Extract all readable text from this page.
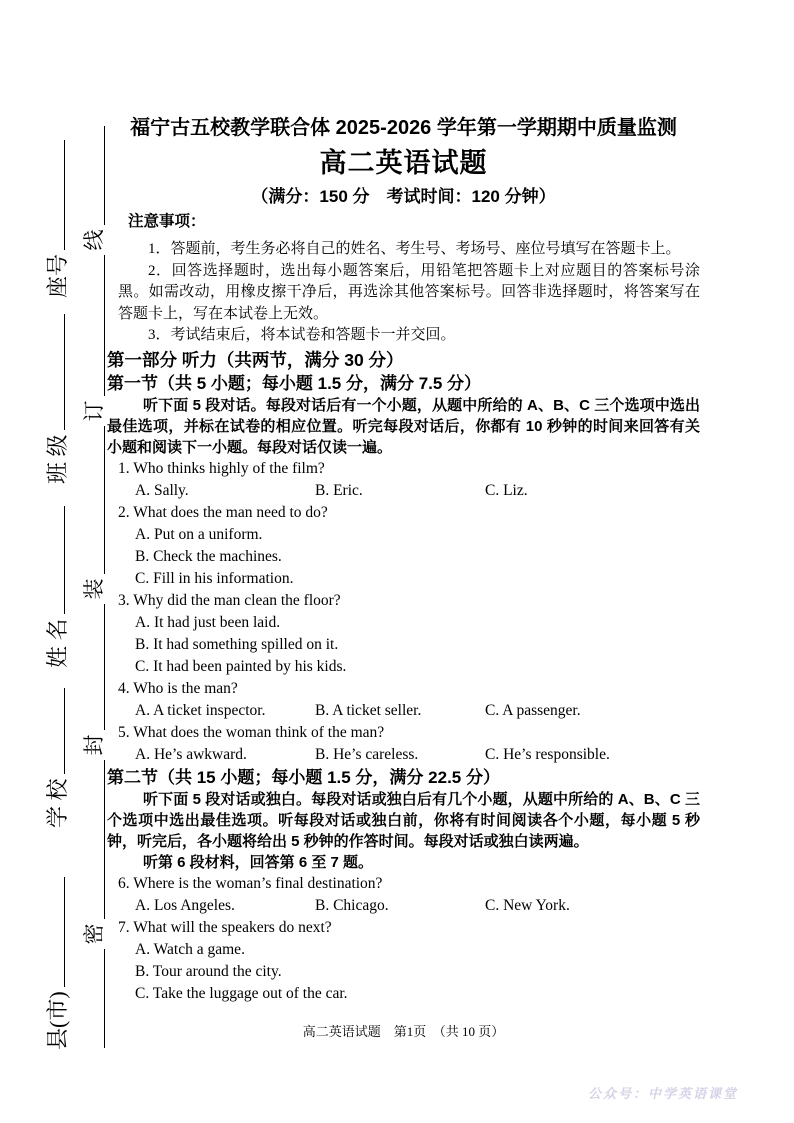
线
订
装
封
密
座号
班 级
姓 名
学 校
县(市)
福宁古五校教学联合体 2025-2026 学年第一学期期中质量监测
高二英语试题
（满分：150 分　考试时间：120 分钟）
注意事项：
1．答题前，考生务必将自己的姓名、考生号、考场号、座位号填写在答题卡上。
2．回答选择题时，选出每小题答案后，用铅笔把答题卡上对应题目的答案标号涂黑。如需改动，用橡皮擦干净后，再选涂其他答案标号。回答非选择题时，将答案写在答题卡上，写在本试卷上无效。
3．考试结束后，将本试卷和答题卡一并交回。
第一部分 听力（共两节，满分 30 分）
第一节（共 5 小题；每小题 1.5 分，满分 7.5 分）
听下面 5 段对话。每段对话后有一个小题，从题中所给的 A、B、C 三个选项中选出最佳选项，并标在试卷的相应位置。听完每段对话后，你都有 10 秒钟的时间来回答有关小题和阅读下一小题。每段对话仅读一遍。
1. Who thinks highly of the film?
A. Sally.	B. Eric.	C. Liz.
2. What does the man need to do?
A. Put on a uniform.
B. Check the machines.
C. Fill in his information.
3. Why did the man clean the floor?
A. It had just been laid.
B. It had something spilled on it.
C. It had been painted by his kids.
4. Who is the man?
A. A ticket inspector.	B. A ticket seller.	C. A passenger.
5. What does the woman think of the man?
A. He’s awkward.	B. He’s careless.	C. He’s responsible.
第二节（共 15 小题；每小题 1.5 分，满分 22.5 分）
听下面 5 段对话或独白。每段对话或独白后有几个小题，从题中所给的 A、B、C 三个选项中选出最佳选项。听每段对话或独白前，你将有时间阅读各个小题，每小题 5 秒钟，听完后，各小题将给出 5 秒钟的作答时间。每段对话或独白读两遍。
听第 6 段材料，回答第 6 至 7 题。
6. Where is the woman’s final destination?
A. Los Angeles.	B. Chicago.	C. New York.
7. What will the speakers do next?
A. Watch a game.
B. Tour around the city.
C. Take the luggage out of the car.
高二英语试题　第1页　（共 10 页）
公众号：中学英语课堂
